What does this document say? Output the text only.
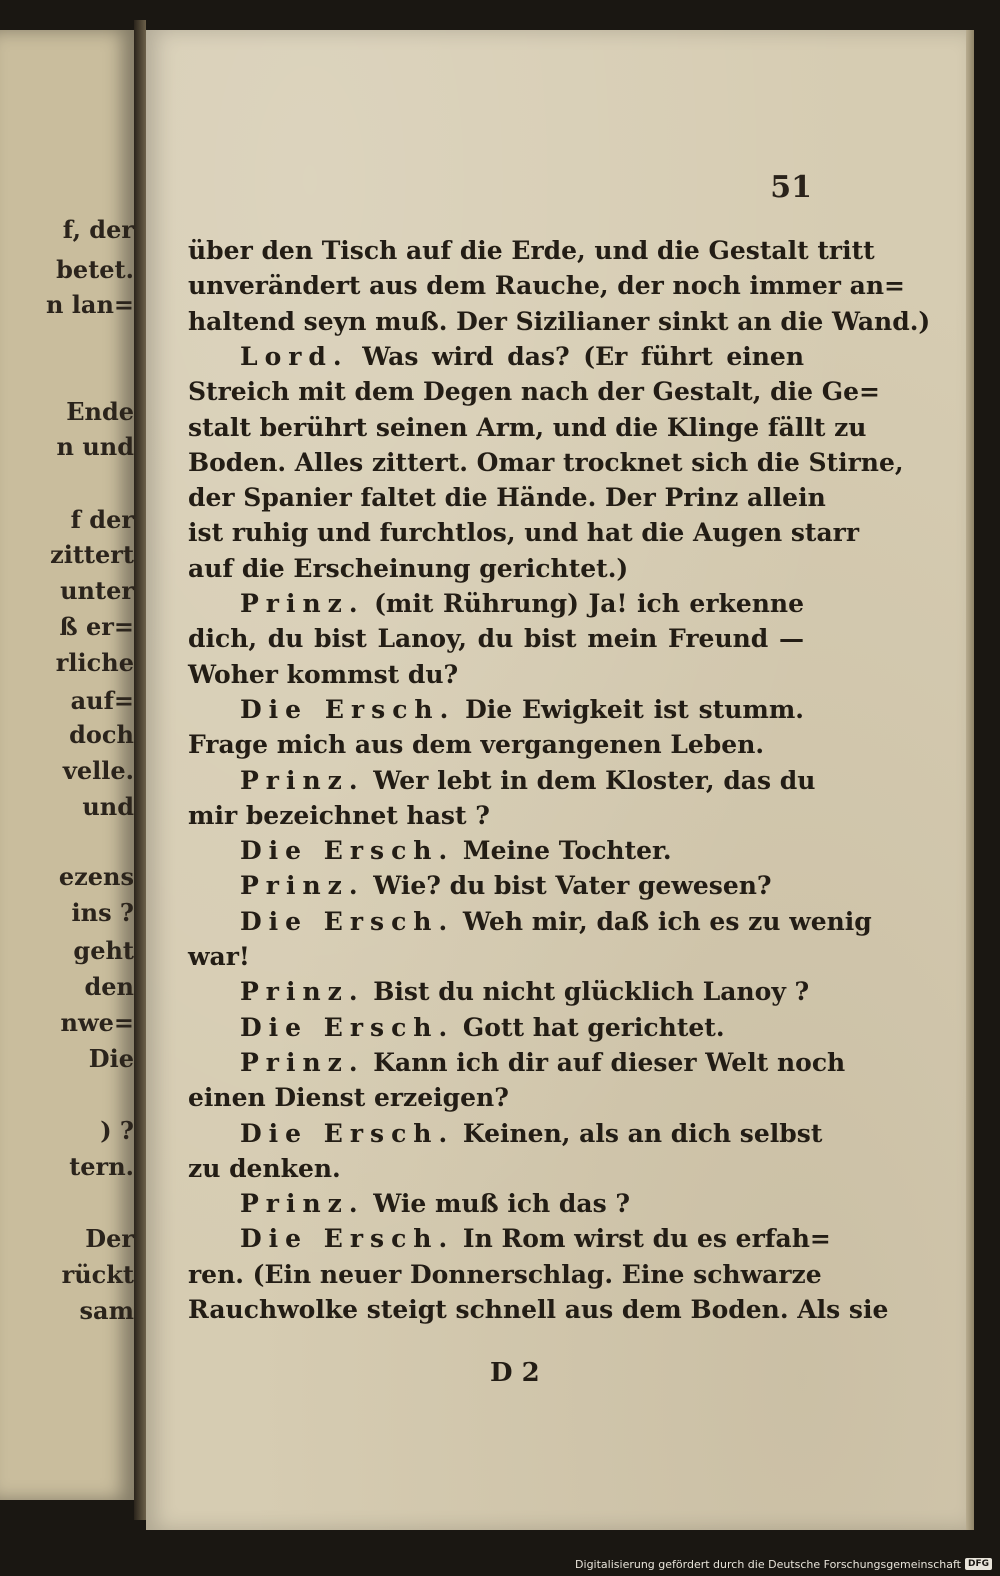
f, der
betet.
n lan=
Ende
n und
f der
zittert
unter
ß er=
rliche
auf=
doch
velle.
und
ezens
ins ?
geht
den
nwe=
Die
) ?
tern.
Der
rückt
sam
51
über den Tisch auf die Erde, und die Gestalt tritt
unverändert aus dem Rauche, der noch immer an=
haltend seyn muß. Der Sizilianer sinkt an die Wand.)
Lord. Was wird das? (Er führt einen
Streich mit dem Degen nach der Gestalt, die Ge=
stalt berührt seinen Arm, und die Klinge fällt zu
Boden. Alles zittert. Omar trocknet sich die Stirne,
der Spanier faltet die Hände. Der Prinz allein
ist ruhig und furchtlos, und hat die Augen starr
auf die Erscheinung gerichtet.)
Prinz. (mit Rührung) Ja! ich erkenne
dich, du bist Lanoy, du bist mein Freund —
Woher kommst du?
Die Ersch. Die Ewigkeit ist stumm.
Frage mich aus dem vergangenen Leben.
Prinz. Wer lebt in dem Kloster, das du
mir bezeichnet hast ?
Die Ersch. Meine Tochter.
Prinz. Wie? du bist Vater gewesen?
Die Ersch. Weh mir, daß ich es zu wenig
war!
Prinz. Bist du nicht glücklich Lanoy ?
Die Ersch. Gott hat gerichtet.
Prinz. Kann ich dir auf dieser Welt noch
einen Dienst erzeigen?
Die Ersch. Keinen, als an dich selbst
zu denken.
Prinz. Wie muß ich das ?
Die Ersch. In Rom wirst du es erfah=
ren. (Ein neuer Donnerschlag. Eine schwarze
Rauchwolke steigt schnell aus dem Boden. Als sie
D 2
Digitalisierung gefördert durch die Deutsche Forschungsgemeinschaft DFG
